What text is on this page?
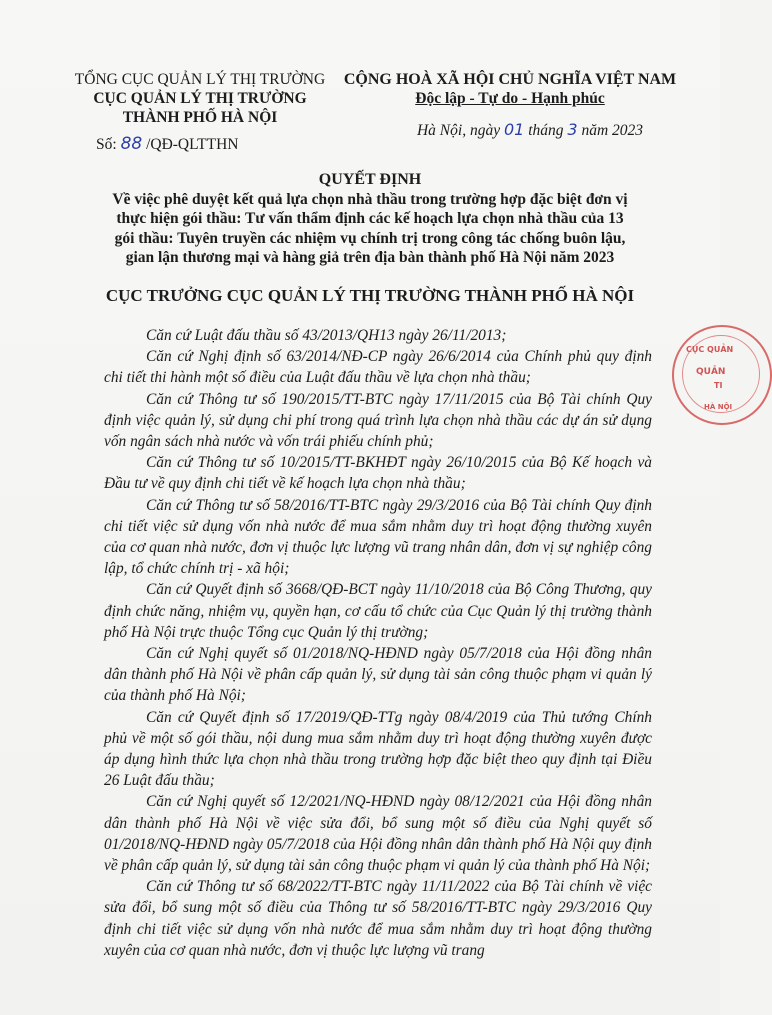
TỔNG CỤC QUẢN LÝ THỊ TRƯỜNG
CỤC QUẢN LÝ THỊ TRƯỜNG
THÀNH PHỐ HÀ NỘI
Số: 88 /QĐ-QLTTHN
CỘNG HOÀ XÃ HỘI CHỦ NGHĨA VIỆT NAM
Độc lập - Tự do - Hạnh phúc
Hà Nội, ngày 01 tháng 3 năm 2023
QUYẾT ĐỊNH
Về việc phê duyệt kết quả lựa chọn nhà thầu trong trường hợp đặc biệt đơn vị
thực hiện gói thầu: Tư vấn thẩm định các kế hoạch lựa chọn nhà thầu của 13
gói thầu: Tuyên truyền các nhiệm vụ chính trị trong công tác chống buôn lậu,
gian lận thương mại và hàng giả trên địa bàn thành phố Hà Nội năm 2023
CỤC TRƯỞNG CỤC QUẢN LÝ THỊ TRƯỜNG THÀNH PHỐ HÀ NỘI

Căn cứ Luật đấu thầu số 43/2013/QH13 ngày 26/11/2013;

Căn cứ Nghị định số 63/2014/NĐ-CP ngày 26/6/2014 của Chính phủ quy định chi tiết thi hành một số điều của Luật đấu thầu về lựa chọn nhà thầu;

Căn cứ Thông tư số 190/2015/TT-BTC ngày 17/11/2015 của Bộ Tài chính Quy định việc quản lý, sử dụng chi phí trong quá trình lựa chọn nhà thầu các dự án sử dụng vốn ngân sách nhà nước và vốn trái phiếu chính phủ;

Căn cứ Thông tư số 10/2015/TT-BKHĐT ngày 26/10/2015 của Bộ Kế hoạch và Đầu tư về quy định chi tiết về kế hoạch lựa chọn nhà thầu;

Căn cứ Thông tư số 58/2016/TT-BTC ngày 29/3/2016 của Bộ Tài chính Quy định chi tiết việc sử dụng vốn nhà nước để mua sắm nhằm duy trì hoạt động thường xuyên của cơ quan nhà nước, đơn vị thuộc lực lượng vũ trang nhân dân, đơn vị sự nghiệp công lập, tổ chức chính trị - xã hội;

Căn cứ Quyết định số 3668/QĐ-BCT ngày 11/10/2018 của Bộ Công Thương, quy định chức năng, nhiệm vụ, quyền hạn, cơ cấu tổ chức của Cục Quản lý thị trường thành phố Hà Nội trực thuộc Tổng cục Quản lý thị trường;

Căn cứ Nghị quyết số 01/2018/NQ-HĐND ngày 05/7/2018 của Hội đồng nhân dân thành phố Hà Nội về phân cấp quản lý, sử dụng tài sản công thuộc phạm vi quản lý của thành phố Hà Nội;

Căn cứ Quyết định số 17/2019/QĐ-TTg ngày 08/4/2019 của Thủ tướng Chính phủ về một số gói thầu, nội dung mua sắm nhằm duy trì hoạt động thường xuyên được áp dụng hình thức lựa chọn nhà thầu trong trường hợp đặc biệt theo quy định tại Điều 26 Luật đấu thầu;

Căn cứ Nghị quyết số 12/2021/NQ-HĐND ngày 08/12/2021 của Hội đồng nhân dân thành phố Hà Nội về việc sửa đổi, bổ sung một số điều của Nghị quyết số 01/2018/NQ-HĐND ngày 05/7/2018 của Hội đồng nhân dân thành phố Hà Nội quy định về phân cấp quản lý, sử dụng tài sản công thuộc phạm vi quản lý của thành phố Hà Nội;

Căn cứ Thông tư số 68/2022/TT-BTC ngày 11/11/2022 của Bộ Tài chính về việc sửa đổi, bổ sung một số điều của Thông tư số 58/2016/TT-BTC ngày 29/3/2016 Quy định chi tiết việc sử dụng vốn nhà nước để mua sắm nhằm duy trì hoạt động thường xuyên của cơ quan nhà nước, đơn vị thuộc lực lượng vũ trang

CỤC QUẢN
QUẢN
TI
HÀ NỘI
